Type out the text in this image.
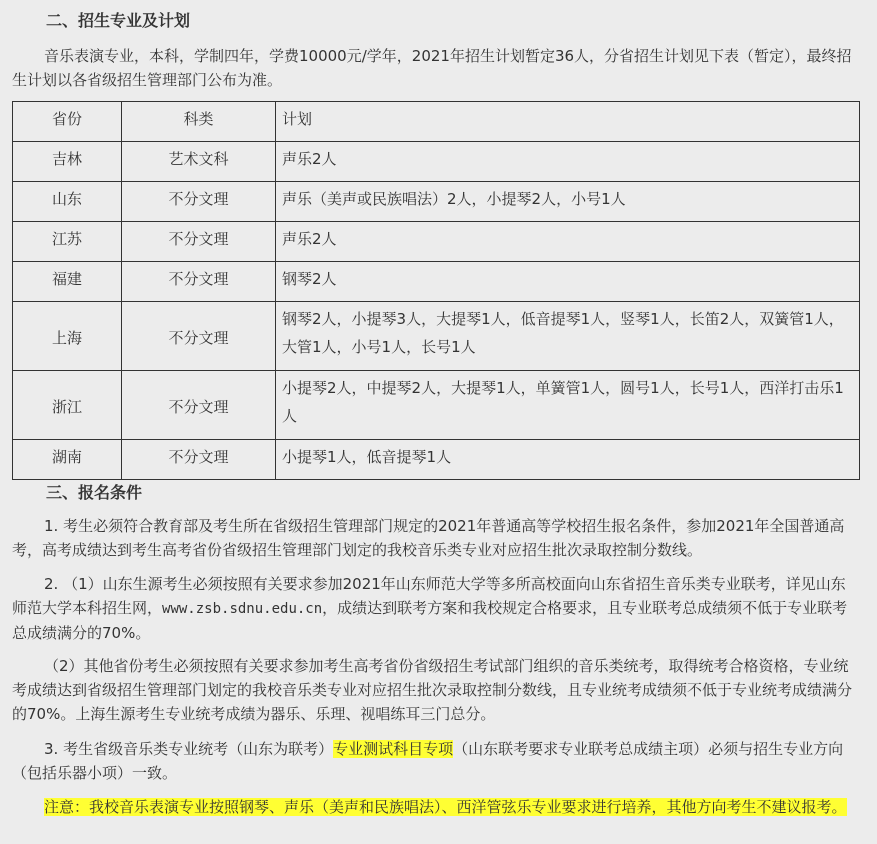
二、招生专业及计划
音乐表演专业，本科，学制四年，学费10000元/学年，2021年招生计划暂定36人，分省招生计划见下表（暂定），最终招生计划以各省级招生管理部门公布为准。
省份	科类	计划
吉林	艺术文科	声乐2人
山东	不分文理	声乐（美声或民族唱法）2人，小提琴2人，小号1人
江苏	不分文理	声乐2人
福建	不分文理	钢琴2人
上海	不分文理	钢琴2人，小提琴3人，大提琴1人，低音提琴1人，竖琴1人，长笛2人，双簧管1人，大管1人，小号1人，长号1人
浙江	不分文理	小提琴2人，中提琴2人，大提琴1人，单簧管1人，圆号1人，长号1人，西洋打击乐1人
湖南	不分文理	小提琴1人，低音提琴1人
三、报名条件
1. 考生必须符合教育部及考生所在省级招生管理部门规定的2021年普通高等学校招生报名条件，参加2021年全国普通高考，高考成绩达到考生高考省份省级招生管理部门划定的我校音乐类专业对应招生批次录取控制分数线。
2. （1）山东生源考生必须按照有关要求参加2021年山东师范大学等多所高校面向山东省招生音乐类专业联考，详见山东师范大学本科招生网，www.zsb.sdnu.edu.cn，成绩达到联考方案和我校规定合格要求，且专业联考总成绩须不低于专业联考总成绩满分的70%。
（2）其他省份考生必须按照有关要求参加考生高考省份省级招生考试部门组织的音乐类统考，取得统考合格资格，专业统考成绩达到省级招生管理部门划定的我校音乐类专业对应招生批次录取控制分数线，且专业统考成绩须不低于专业统考成绩满分的70%。上海生源考生专业统考成绩为器乐、乐理、视唱练耳三门总分。
3. 考生省级音乐类专业统考（山东为联考）专业测试科目专项（山东联考要求专业联考总成绩主项）必须与招生专业方向（包括乐器小项）一致。
注意：我校音乐表演专业按照钢琴、声乐（美声和民族唱法）、西洋管弦乐专业要求进行培养，其他方向考生不建议报考。
